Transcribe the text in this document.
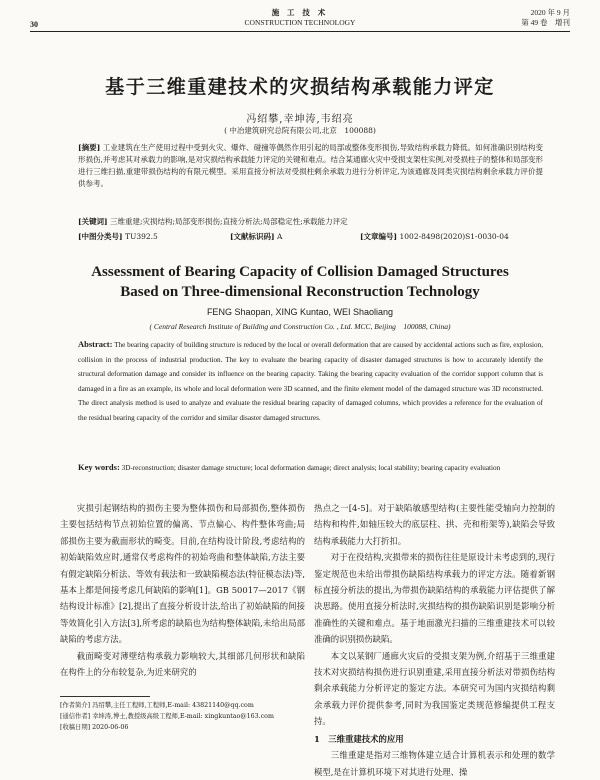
30
施 工 技 术
CONSTRUCTION TECHNOLOGY
2020 年 9 月
第 49 卷　增刊
基于三维重建技术的灾损结构承载能力评定
冯绍攀,幸坤涛,韦绍亮
( 中冶建筑研究总院有限公司,北京　100088)
[摘要] 工业建筑在生产使用过程中受到火灾、爆炸、碰撞等偶然作用引起的局部或整体变形损伤,导致结构承载力降低。如何准确识别结构变形损伤,并考虑其对承载力的影响,是对灾损结构承载能力评定的关键和难点。结合某通廊火灾中受损支架柱实例,对受损柱子的整体和局部变形进行三维扫描,重建带损伤结构的有限元模型。采用直接分析法对受损柱剩余承载力进行分析评定,为该通廊及同类灾损结构剩余承载力评价提供参考。
[关键词] 三维重建;灾损结构;局部变形损伤;直接分析法;局部稳定性;承载能力评定
[中图分类号] TU392.5	[文献标识码] A	[文章编号] 1002-8498(2020)S1-0030-04
Assessment of Bearing Capacity of Collision Damaged Structures
Based on Three-dimensional Reconstruction Technology
FENG Shaopan, XING Kuntao, WEI Shaoliang
( Central Research Institute of Building and Construction Co. , Ltd. MCC, Beijing　100088, China)
Abstract: The bearing capacity of building structure is reduced by the local or overall deformation that are caused by accidental actions such as fire, explosion, collision in the process of industrial production. The key to evaluate the bearing capacity of disaster damaged structures is how to accurately identify the structural deformation damage and consider its influence on the bearing capacity. Taking the bearing capacity evaluation of the corridor support column that is damaged in a fire as an example, its whole and local deformation were 3D scanned, and the finite element model of the damaged structure was 3D reconstructed. The direct analysis method is used to analyze and evaluate the residual bearing capacity of damaged columns, which provides a reference for the evaluation of the residual bearing capacity of the corridor and similar disaster damaged structures.
Key words: 3D-reconstruction; disaster damage structure; local deformation damage; direct analysis; local stability; bearing capacity evaluation

灾损引起钢结构的损伤主要为整体损伤和局部损伤,整体损伤主要包括结构节点初始位置的偏离、节点偏心、构件整体弯曲;局部损伤主要为截面形状的畸变。目前,在结构设计阶段,考虑结构的初始缺陷效应时,通常仅考虑构件的初始弯曲和整体缺陷,方法主要有假定缺陷分析法、等效有载法和一致缺陷模态法(特征模态法)等,基本上都是间接考虑几何缺陷的影响[1]。GB 50017—2017《钢结构设计标准》[2],提出了直接分析设计法,给出了初始缺陷的间接等效简化引入方法[3],所考虑的缺陷也为结构整体缺陷,未给出局部缺陷的考虑方法。

截面畸变对薄壁结构承载力影响较大,其细部几何形状和缺陷在构件上的分布较复杂,为近来研究的

热点之一[4-5]。对于缺陷敏感型结构(主要性能受轴向力控制的结构和构件,如轴压较大的底层柱、拱、壳和桁架等),缺陷会导致结构承载能力大打折扣。

对于在役结构,灾损带来的损伤往往是原设计未考虑到的,现行鉴定规范也未给出带损伤缺陷结构承载力的评定方法。随着新钢标直接分析法的提出,为带损伤缺陷结构的承载能力评估提供了解决思路。使用直接分析法时,灾损结构的损伤缺陷识别是影响分析准确性的关键和难点。基于地面激光扫描的三维重建技术可以较准确的识别损伤缺陷。

本文以某钢厂通廊火灾后的受损支架为例,介绍基于三维重建技术对灾损结构损伤进行识别重建,采用直接分析法对带损伤结构剩余承载能力分析评定的鉴定方法。本研究可为国内灾损结构剩余承载力评价提供参考,同时为我国鉴定类规范修编提供工程支持。

1　三维重建技术的应用

三维重建是指对三维物体建立适合计算机表示和处理的数学模型,是在计算机环境下对其进行处理、操

[作者简介] 冯绍攀,主任工程师,工程师,E-mail: 43821140@qq.com
[通信作者] 幸坤涛,博士,教授级高级工程师,E-mail: xingkuntao@163.com
[收稿日期] 2020-06-06
